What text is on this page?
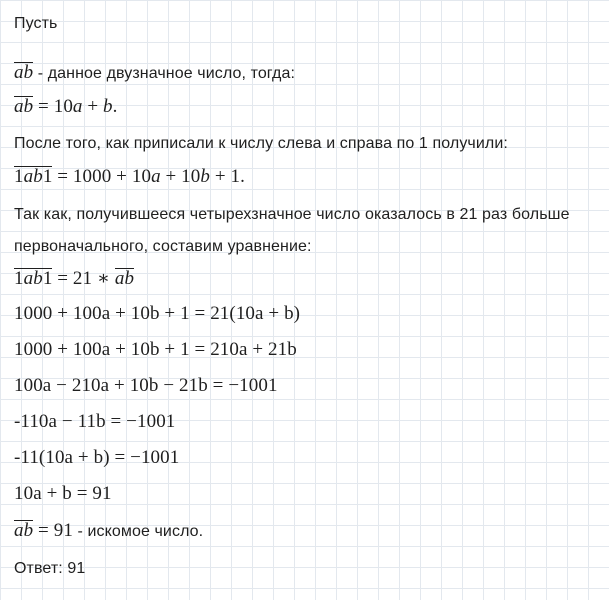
Пусть
ab - данное двузначное число, тогда:
ab = 10a + b.
После того, как приписали к числу слева и справа по 1 получили:
1ab1 = 1000 + 10a + 10b + 1.
Так как, получившееся четырехзначное число оказалось в 21 раз больше
первоначального, составим уравнение:
1ab1 = 21 ∗ ab
1000 + 100a + 10b + 1 = 21(10a + b)
1000 + 100a + 10b + 1 = 210a + 21b
100a − 210a + 10b − 21b = −1001
-110a − 11b = −1001
-11(10a + b) = −1001
10a + b = 91
ab = 91 - искомое число.
Ответ: 91
